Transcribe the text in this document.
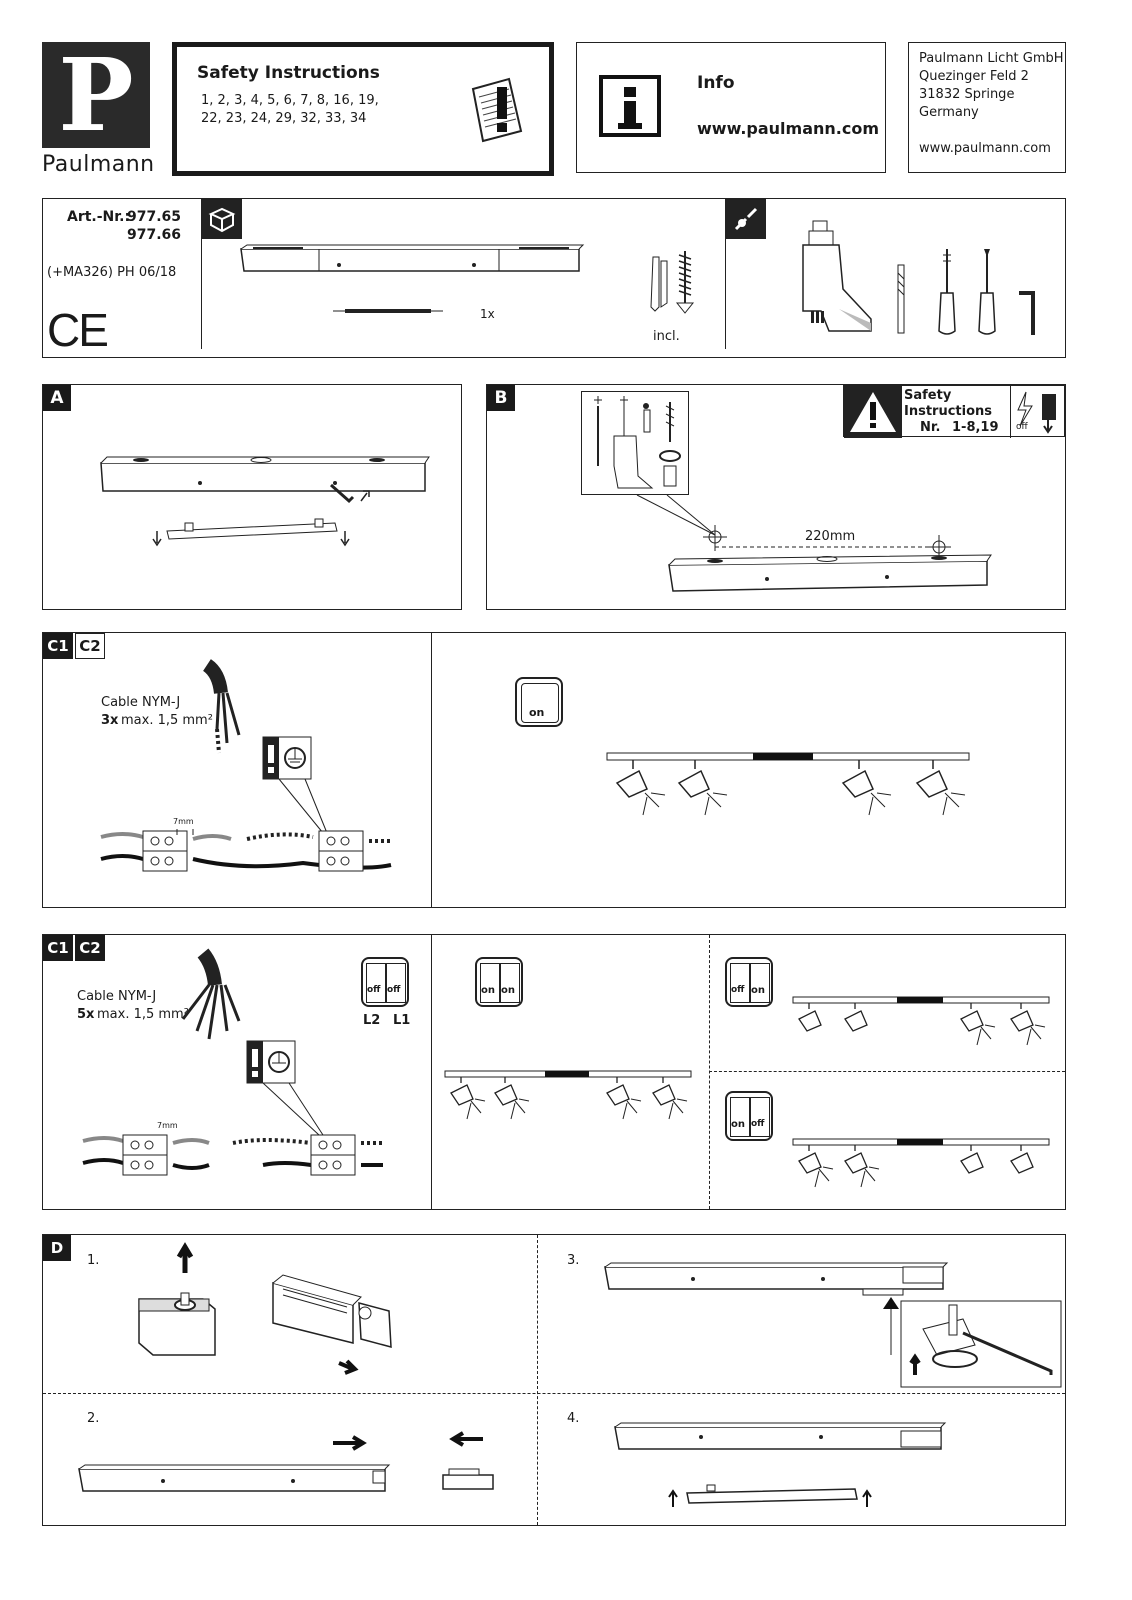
P
Paulmann
Safety Instructions
1, 2, 3, 4, 5, 6, 7, 8, 16, 19,
22, 23, 24, 29, 32, 33, 34
Info
www.paulmann.com
Paulmann Licht GmbH
Quezinger Feld 2
31832 Springe
Germany
www.paulmann.com
Art.-Nr.:
977.65
977.66
(+MA326) PH 06/18
CE	1x
incl.
A	B
220mm
Safety
Instructions
Nr. 1-8,19 off
C1 C2
Cable NYM-J
3x max. 1,5 mm²
7mm
on
C1 C2
Cable NYM-J
5x max. 1,5 mm²
off off
L2 L1
7mm
on on	off on
on off
D
1.	3.
2.	4.
